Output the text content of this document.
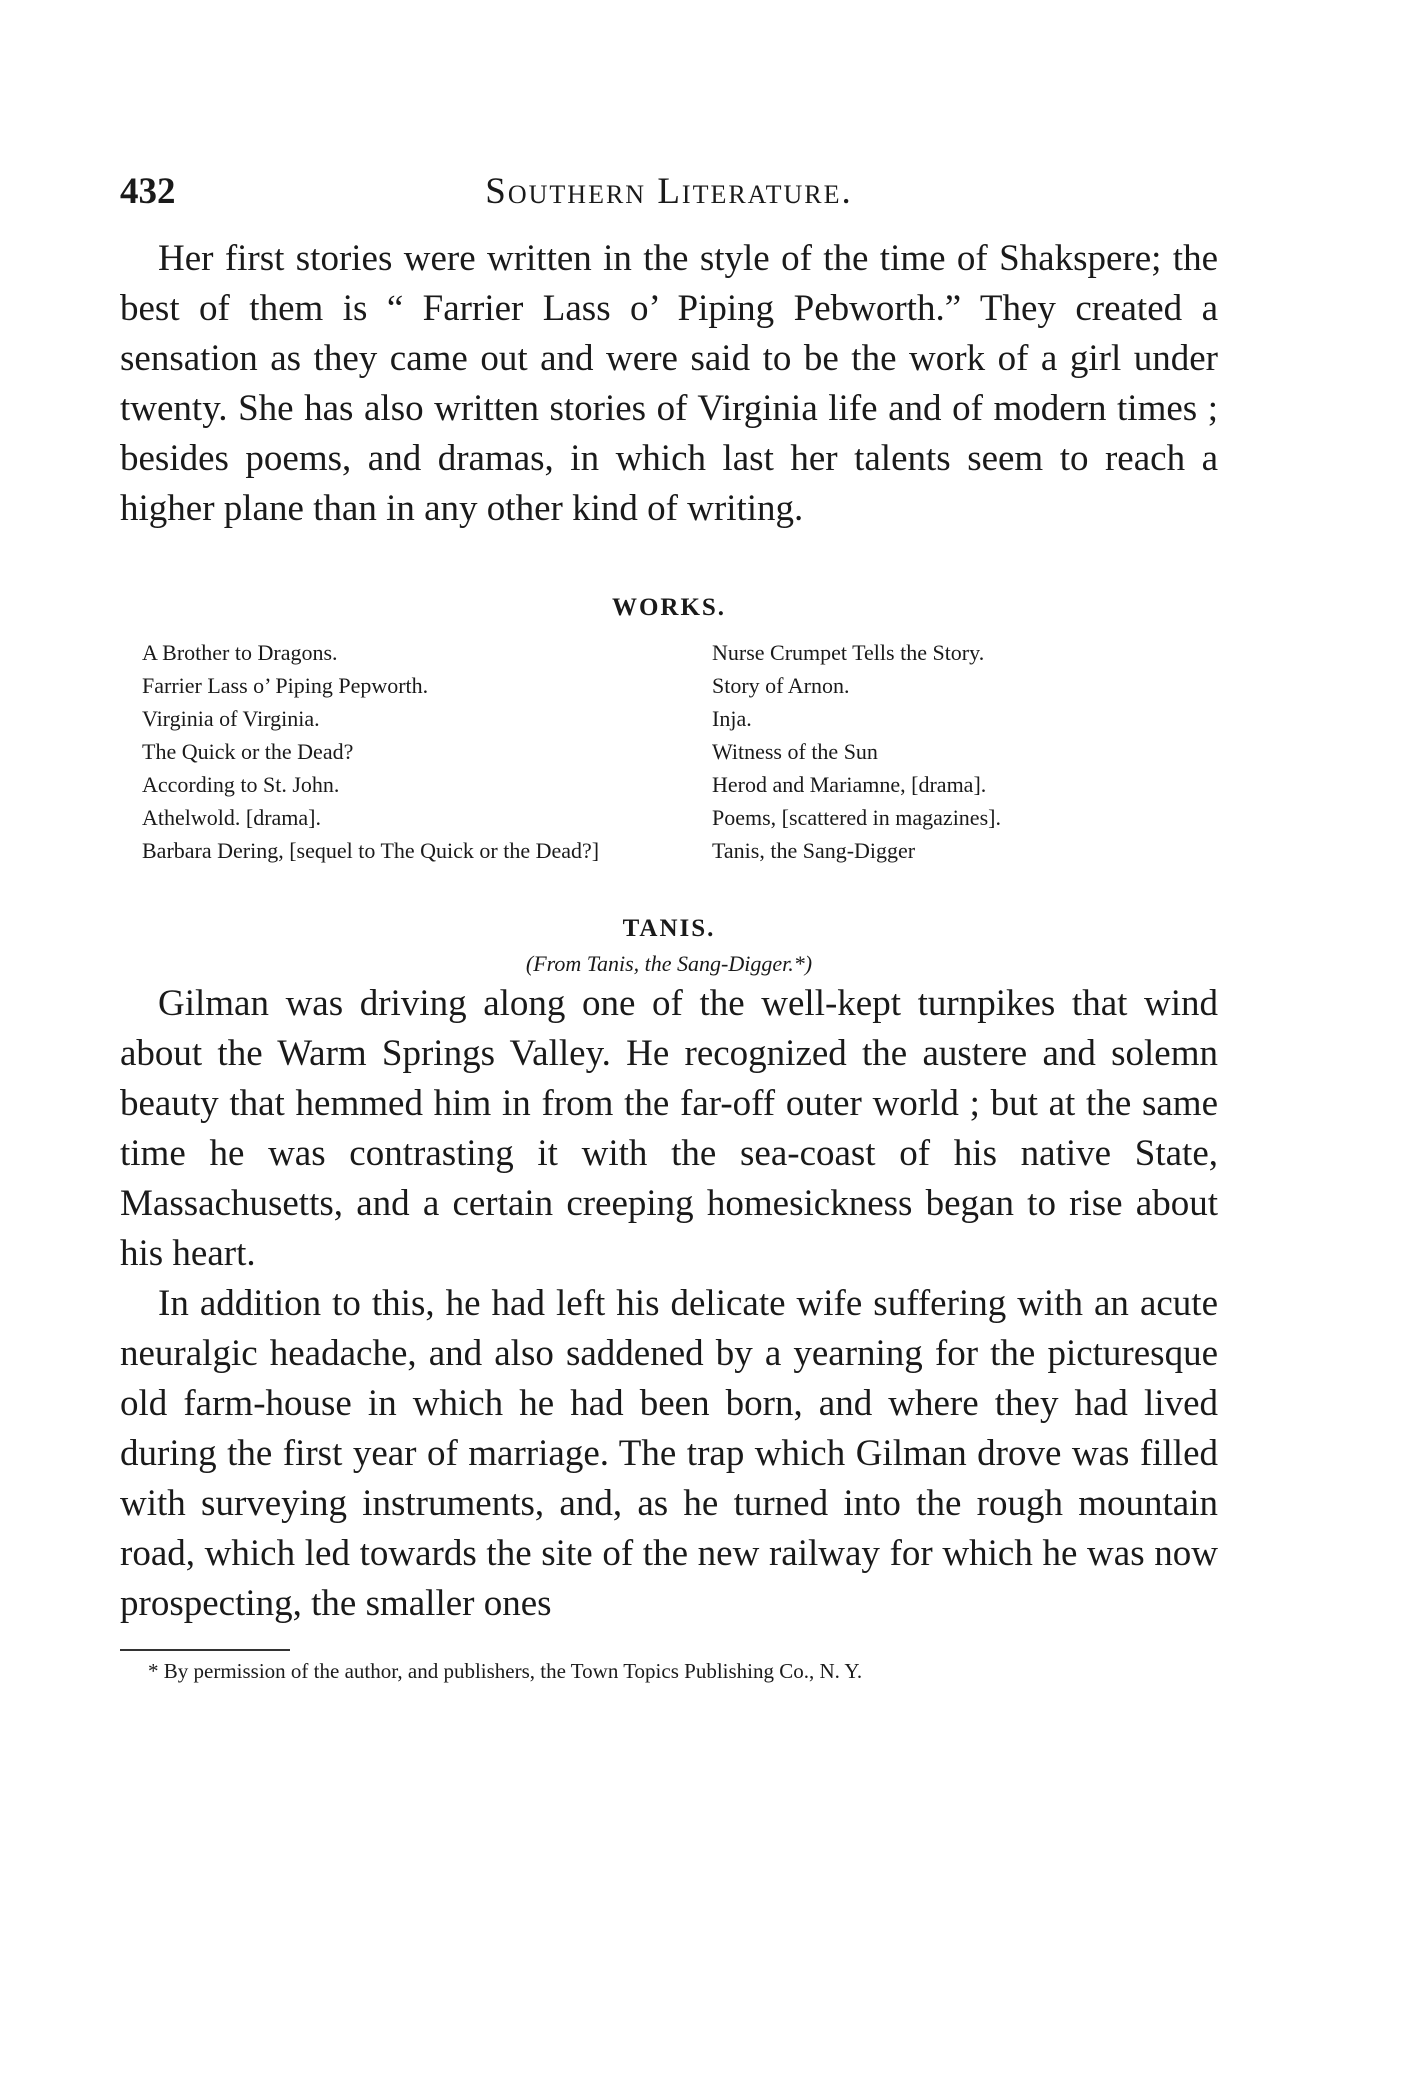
432	Southern Literature.

Her first stories were written in the style of the time of Shakspere; the best of them is “ Farrier Lass o’ Piping Pebworth.” They created a sensation as they came out and were said to be the work of a girl under twenty. She has also written stories of Virginia life and of modern times ; besides poems, and dramas, in which last her talents seem to reach a higher plane than in any other kind of writing.

WORKS.
A Brother to Dragons.
Farrier Lass o’ Piping Pepworth.
Virginia of Virginia.
The Quick or the Dead?
According to St. John.
Athelwold. [drama].
Barbara Dering, [sequel to The Quick or the Dead?]
Nurse Crumpet Tells the Story.
Story of Arnon.
Inja.
Witness of the Sun
Herod and Mariamne, [drama].
Poems, [scattered in magazines].
Tanis, the Sang-Digger
TANIS.

(From Tanis, the Sang-Digger.*)

Gilman was driving along one of the well-kept turnpikes that wind about the Warm Springs Valley. He recognized the austere and solemn beauty that hemmed him in from the far-off outer world ; but at the same time he was contrasting it with the sea-coast of his native State, Massachusetts, and a certain creeping homesickness began to rise about his heart.

In addition to this, he had left his delicate wife suffering with an acute neuralgic headache, and also saddened by a yearning for the picturesque old farm-house in which he had been born, and where they had lived during the first year of marriage. The trap which Gilman drove was filled with surveying instruments, and, as he turned into the rough mountain road, which led towards the site of the new railway for which he was now prospecting, the smaller ones

* By permission of the author, and publishers, the Town Topics Publishing Co., N. Y.
